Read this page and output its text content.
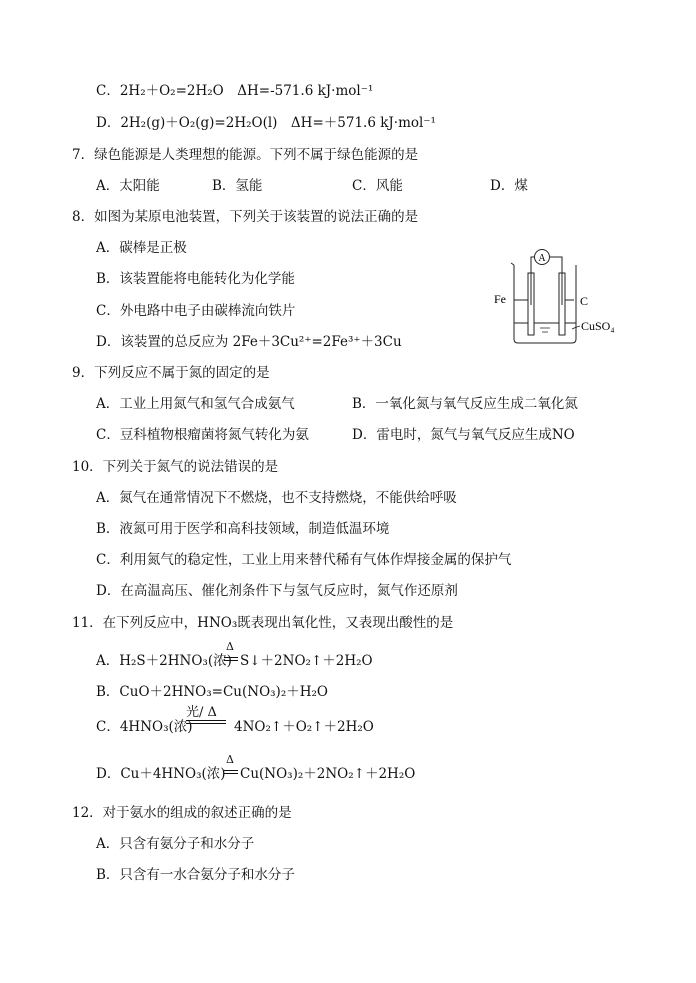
C．2H₂＋O₂=2H₂O　ΔH=-571.6 kJ·mol⁻¹
D．2H₂(g)＋O₂(g)=2H₂O(l)　ΔH=＋571.6 kJ·mol⁻¹
7．绿色能源是人类理想的能源。下列不属于绿色能源的是
A．太阳能	B．氢能	C．风能	D．煤
8．如图为某原电池装置，下列关于该装置的说法正确的是
A．碳棒是正极
B．该装置能将电能转化为化学能
C．外电路中电子由碳棒流向铁片
D．该装置的总反应为 2Fe＋3Cu²⁺=2Fe³⁺＋3Cu
A
Fe	C
CuSO₄
9．下列反应不属于氮的固定的是
A．工业上用氮气和氢气合成氨气	B．一氧化氮与氧气反应生成二氧化氮
C．豆科植物根瘤菌将氮气转化为氨	D．雷电时，氮气与氧气反应生成NO
10．下列关于氮气的说法错误的是
A．氮气在通常情况下不燃烧，也不支持燃烧，不能供给呼吸
B．液氮可用于医学和高科技领域，制造低温环境
C．利用氮气的稳定性，工业上用来替代稀有气体作焊接金属的保护气
D．在高温高压、催化剂条件下与氢气反应时，氮气作还原剂
11．在下列反应中，HNO₃既表现出氧化性，又表现出酸性的是
A．H₂S＋2HNO₃(浓)
Δ
S↓＋2NO₂↑＋2H₂O
B．CuO＋2HNO₃=Cu(NO₃)₂＋H₂O
C．4HNO₃(浓)
光/ Δ
4NO₂↑＋O₂↑＋2H₂O
D．Cu＋4HNO₃(浓)
Δ
Cu(NO₃)₂＋2NO₂↑＋2H₂O
12．对于氨水的组成的叙述正确的是
A．只含有氨分子和水分子
B．只含有一水合氨分子和水分子
